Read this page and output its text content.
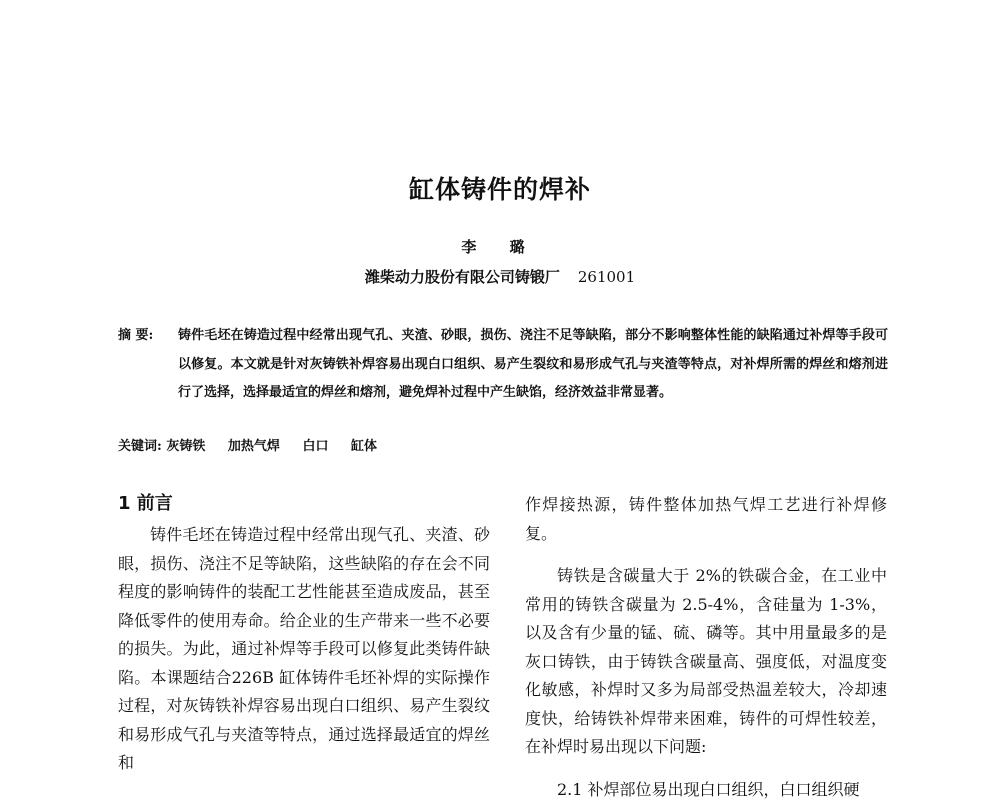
缸体铸件的焊补
李 璐
潍柴动力股份有限公司铸锻厂 261001
摘 要:	铸件毛坯在铸造过程中经常出现气孔、夹渣、砂眼，损伤、浇注不足等缺陷，部分不影响整体性能的缺陷通过补焊等手段可以修复。本文就是针对灰铸铁补焊容易出现白口组织、易产生裂纹和易形成气孔与夹渣等特点，对补焊所需的焊丝和熔剂进行了选择，选择最适宜的焊丝和熔剂，避免焊补过程中产生缺馅，经济效益非常显著。
关键词: 灰铸铁 加热气焊 白口 缸体
1 前言

铸件毛坯在铸造过程中经常出现气孔、夹渣、砂眼，损伤、浇注不足等缺陷，这些缺陷的存在会不同程度的影响铸件的装配工艺性能甚至造成废品，甚至降低零件的使用寿命。给企业的生产带来一些不必要的损失。为此，通过补焊等手段可以修复此类铸件缺陷。本课题结合226B 缸体铸件毛坯补焊的实际操作过程，对灰铸铁补焊容易出现白口组织、易产生裂纹和易形成气孔与夹渣等特点，通过选择最适宜的焊丝和

作焊接热源，铸件整体加热气焊工艺进行补焊修复。

铸铁是含碳量大于 2%的铁碳合金，在工业中常用的铸铁含碳量为 2.5-4%，含硅量为 1-3%，以及含有少量的锰、硫、磷等。其中用量最多的是灰口铸铁，由于铸铁含碳量高、强度低，对温度变化敏感，补焊时又多为局部受热温差较大，冷却速度快，给铸铁补焊带来困难，铸件的可焊性较差，在补焊时易出现以下问题:

2.1 补焊部位易出现白口组织，白口组织硬
